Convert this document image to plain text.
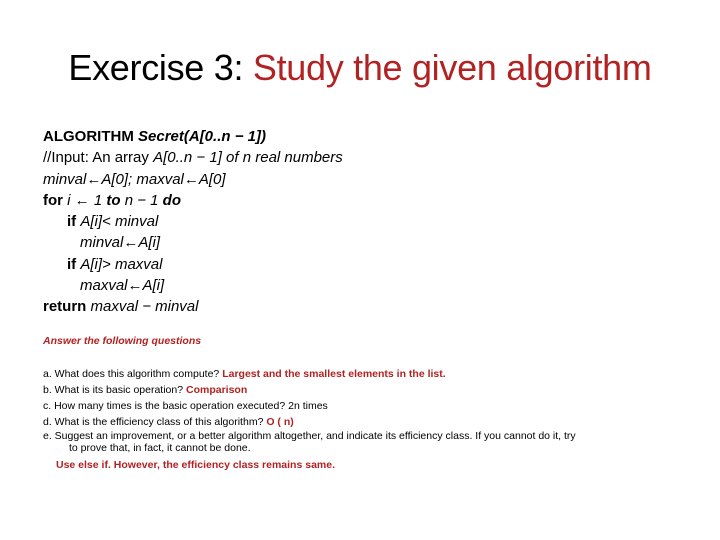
Exercise 3: Study the given algorithm
ALGORITHM Secret(A[0..n − 1])
//Input: An array A[0..n − 1] of n real numbers
minval←A[0]; maxval←A[0]
for i ← 1 to n − 1 do
if A[i]< minval
minval←A[i]
if A[i]> maxval
maxval←A[i]
return maxval − minval
Answer the following questions
a. What does this algorithm compute? Largest and the smallest elements in the list.
b. What is its basic operation? Comparison
c. How many times is the basic operation executed? 2n times
d. What is the efficiency class of this algorithm? O ( n)
e. Suggest an improvement, or a better algorithm altogether, and indicate its efficiency class. If you cannot do it, try
to prove that, in fact, it cannot be done.
Use else if. However, the efficiency class remains same.
